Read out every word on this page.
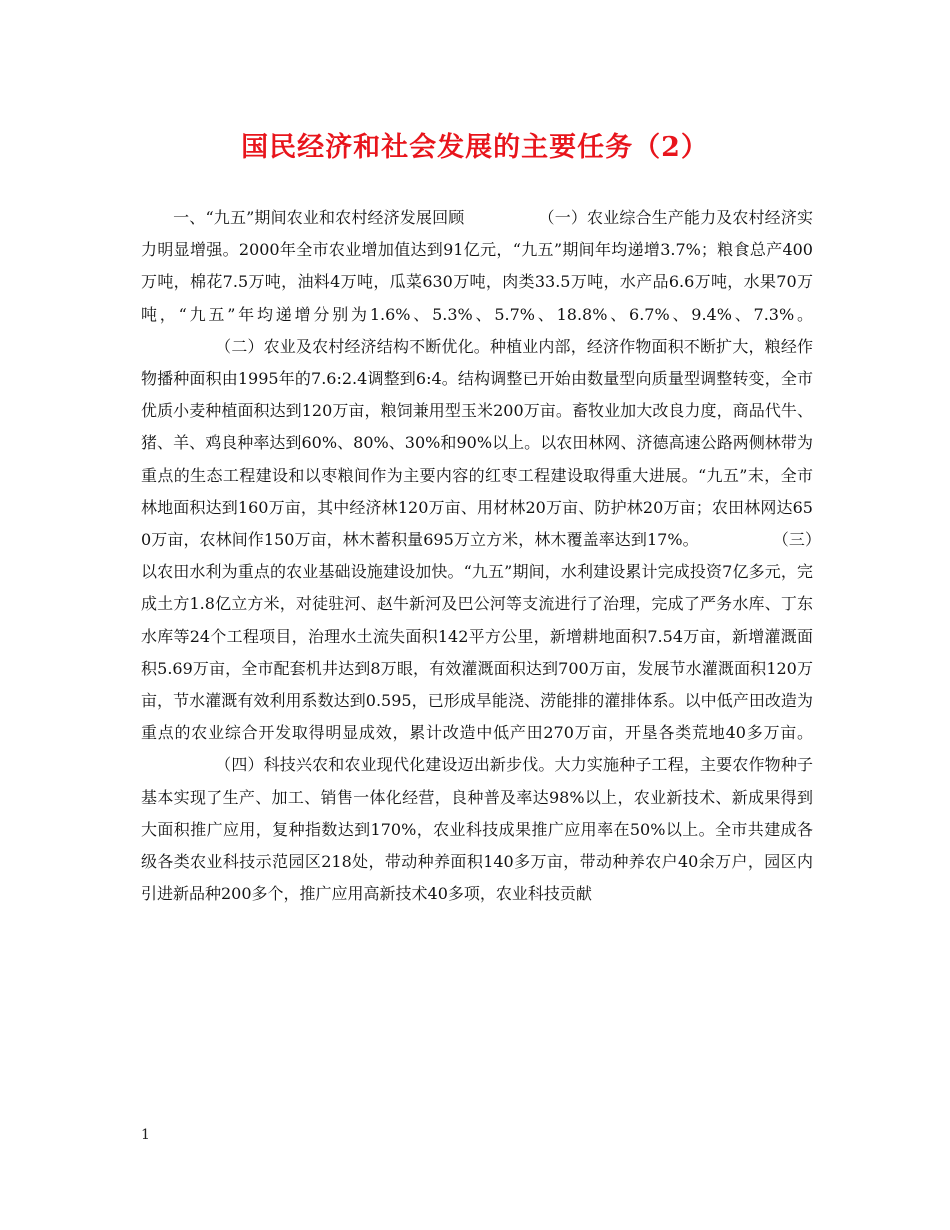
国民经济和社会发展的主要任务（2）

一、“九五”期间农业和农村经济发展回顾	（一）农业综合生产能力及农村经济实力明显增强。2000年全市农业增加值达到91亿元，“九五”期间年均递增3.7%；粮食总产400万吨，棉花7.5万吨，油料4万吨，瓜菜630万吨，肉类33.5万吨，水产品6.6万吨，水果70万吨，“九五”年均递增分别为1.6%、5.3%、5.7%、18.8%、6.7%、9.4%、7.3%。（二）农业及农村经济结构不断优化。种植业内部，经济作物面积不断扩大，粮经作物播种面积由1995年的7.6:2.4调整到6:4。结构调整已开始由数量型向质量型调整转变，全市优质小麦种植面积达到120万亩，粮饲兼用型玉米200万亩。畜牧业加大改良力度，商品代牛、猪、羊、鸡良种率达到60%、80%、30%和90%以上。以农田林网、济德高速公路两侧林带为重点的生态工程建设和以枣粮间作为主要内容的红枣工程建设取得重大进展。“九五”末，全市林地面积达到160万亩，其中经济林120万亩、用材林20万亩、防护林20万亩；农田林网达650万亩，农林间作150万亩，林木蓄积量695万立方米，林木覆盖率达到17%。	（三）以农田水利为重点的农业基础设施建设加快。“九五”期间，水利建设累计完成投资7亿多元，完成土方1.8亿立方米，对徒驻河、赵牛新河及巴公河等支流进行了治理，完成了严务水库、丁东水库等24个工程项目，治理水土流失面积142平方公里，新增耕地面积7.54万亩，新增灌溉面积5.69万亩，全市配套机井达到8万眼，有效灌溉面积达到700万亩，发展节水灌溉面积120万亩，节水灌溉有效利用系数达到0.595，已形成旱能浇、涝能排的灌排体系。以中低产田改造为重点的农业综合开发取得明显成效，累计改造中低产田270万亩，开垦各类荒地40多万亩。（四）科技兴农和农业现代化建设迈出新步伐。大力实施种子工程，主要农作物种子基本实现了生产、加工、销售一体化经营，良种普及率达98%以上，农业新技术、新成果得到大面积推广应用，复种指数达到170%，农业科技成果推广应用率在50%以上。全市共建成各级各类农业科技示范园区218处，带动种养面积140多万亩，带动种养农户40余万户，园区内引进新品种200多个，推广应用高新技术40多项，农业科技贡献

1
